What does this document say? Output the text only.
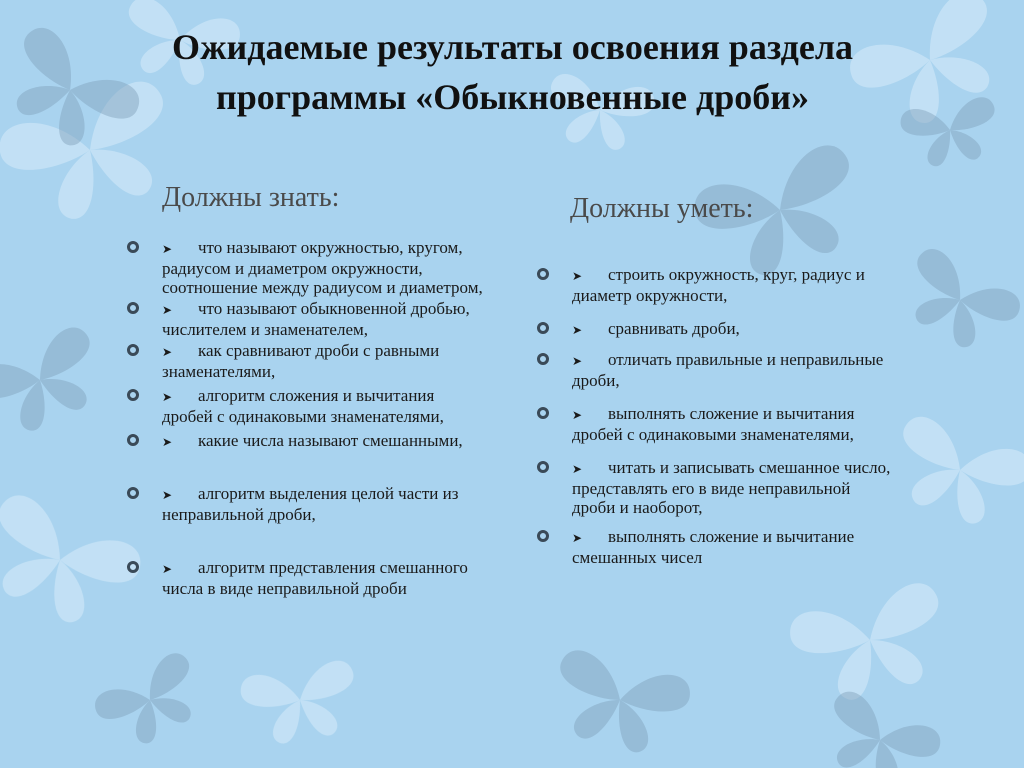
Ожидаемые результаты освоения раздела
программы «Обыкновенные дроби»
Должны знать:	Должны уметь:
➤ что называют окружностью, кругом, радиусом и диаметром окружности, соотношение между радиусом и диаметром,
➤ что называют обыкновенной дробью, числителем и знаменателем,
➤ как сравнивают дроби с равными знаменателями,
➤ алгоритм сложения и вычитания дробей с одинаковыми знаменателями,
➤ какие числа называют смешанными,
➤ алгоритм выделения целой части из неправильной дроби,
➤ алгоритм представления смешанного числа в виде неправильной дроби
➤ строить окружность, круг, радиус и диаметр окружности,
➤ сравнивать дроби,
➤ отличать правильные и неправильные дроби,
➤ выполнять сложение и вычитания дробей с одинаковыми знаменателями,
➤ читать и записывать смешанное число, представлять его в виде неправильной дроби и наоборот,
➤ выполнять сложение и вычитание смешанных чисел
